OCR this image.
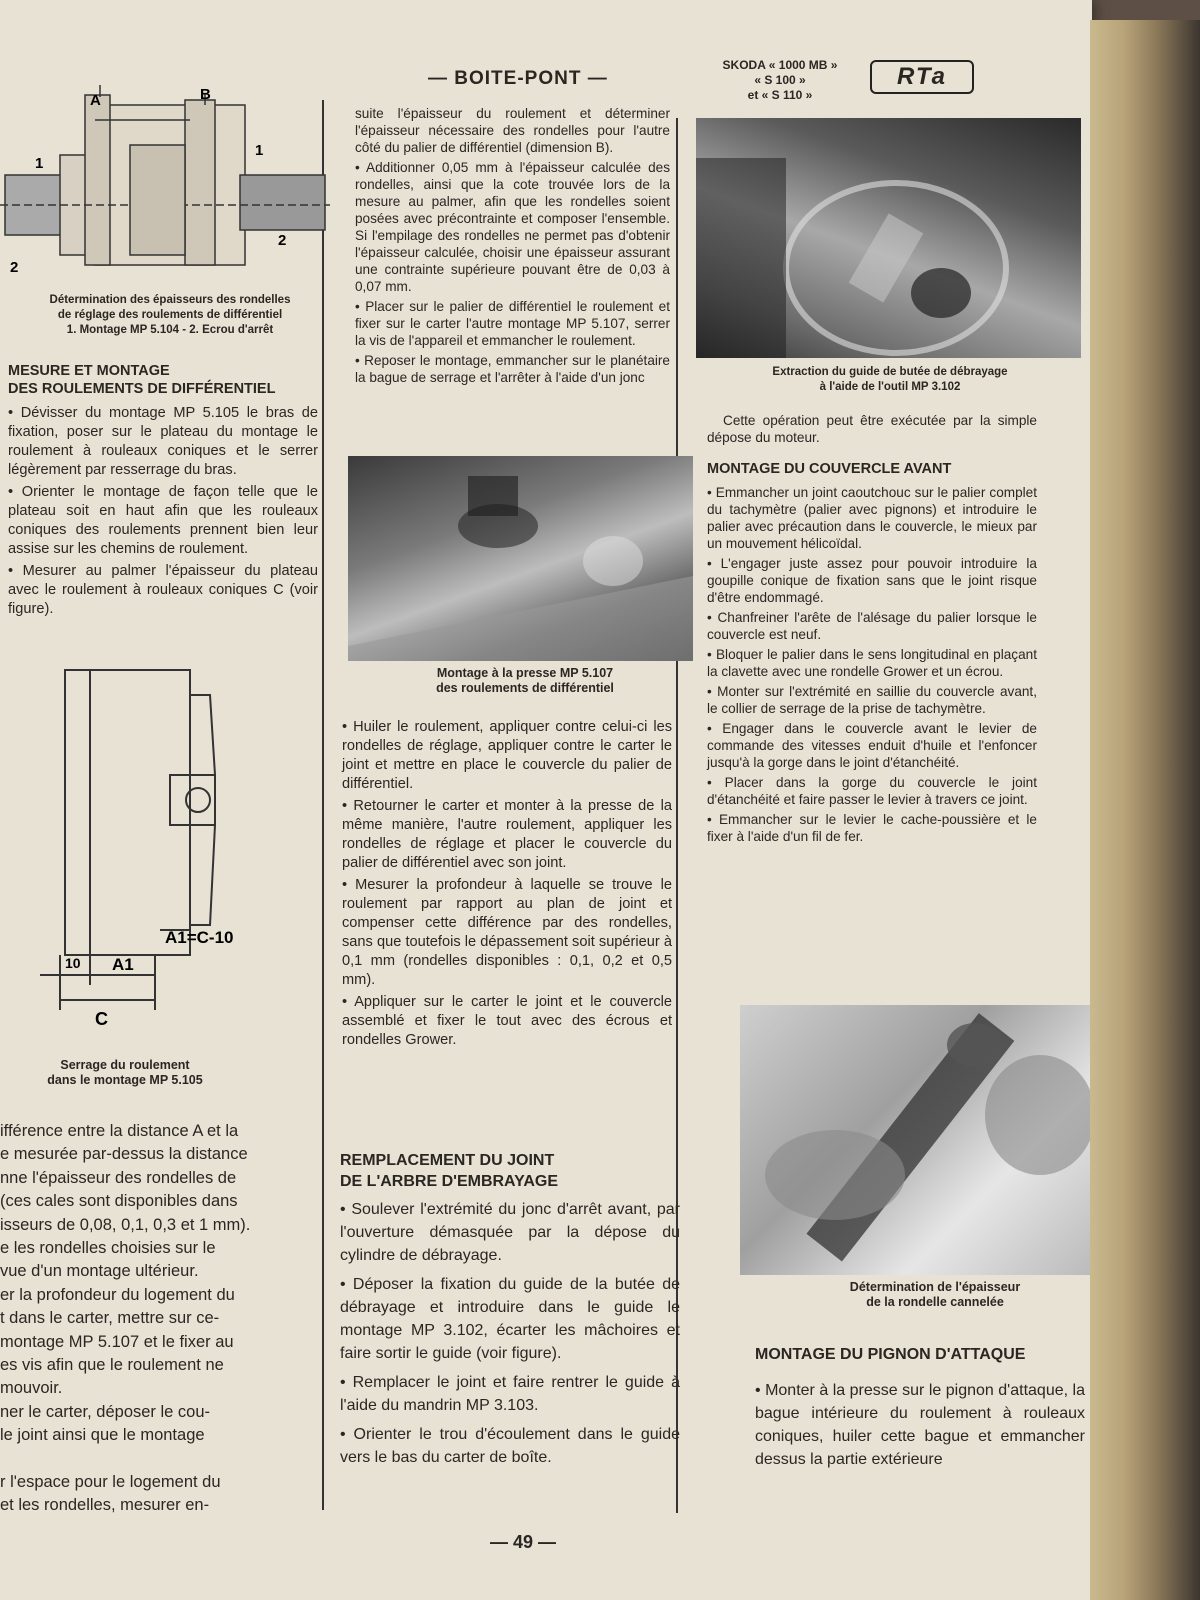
— BOITE-PONT —
SKODA « 1000 MB »
« S 100 »
et « S 110 »
RTa
A	B
1
1
2
2
Détermination des épaisseurs des rondelles
de réglage des roulements de différentiel
1. Montage MP 5.104 - 2. Ecrou d'arrêt
MESURE ET MONTAGE
DES ROULEMENTS DE DIFFÉRENTIEL

• Dévisser du montage MP 5.105 le bras de fixation, poser sur le plateau du montage le roulement à rouleaux coniques et le serrer légèrement par resserrage du bras.

• Orienter le montage de façon telle que le plateau soit en haut afin que les rouleaux coniques des roulements prennent bien leur assise sur les chemins de roulement.

• Mesurer au palmer l'épaisseur du plateau avec le roulement à rouleaux coniques C (voir figure).

A1=C-10
10 A1
C
Serrage du roulement
dans le montage MP 5.105
ifférence entre la distance A et la
e mesurée par-dessus la distance
nne l'épaisseur des rondelles de
(ces cales sont disponibles dans
isseurs de 0,08, 0,1, 0,3 et 1 mm).
e les rondelles choisies sur le
vue d'un montage ultérieur.
er la profondeur du logement du
t dans le carter, mettre sur ce-
montage MP 5.107 et le fixer au
es vis afin que le roulement ne
mouvoir.
ner le carter, déposer le cou-
le joint ainsi que le montage
r l'espace pour le logement du
et les rondelles, mesurer en-

suite l'épaisseur du roulement et déterminer l'épaisseur nécessaire des rondelles pour l'autre côté du palier de différentiel (dimension B).

• Additionner 0,05 mm à l'épaisseur calculée des rondelles, ainsi que la cote trouvée lors de la mesure au palmer, afin que les rondelles soient posées avec précontrainte et composer l'ensemble. Si l'empilage des rondelles ne permet pas d'obtenir l'épaisseur calculée, choisir une épaisseur assurant une contrainte supérieure pouvant être de 0,03 à 0,07 mm.

• Placer sur le palier de différentiel le roulement et fixer sur le carter l'autre montage MP 5.107, serrer la vis de l'appareil et emmancher le roulement.

• Reposer le montage, emmancher sur le planétaire la bague de serrage et l'arrêter à l'aide d'un jonc

Montage à la presse MP 5.107
des roulements de différentiel

• Huiler le roulement, appliquer contre celui-ci les rondelles de réglage, appliquer contre le carter le joint et mettre en place le couvercle du palier de différentiel.

• Retourner le carter et monter à la presse de la même manière, l'autre roulement, appliquer les rondelles de réglage et placer le couvercle du palier de différentiel avec son joint.

• Mesurer la profondeur à laquelle se trouve le roulement par rapport au plan de joint et compenser cette différence par des rondelles, sans que toutefois le dépassement soit supérieur à 0,1 mm (rondelles disponibles : 0,1, 0,2 et 0,5 mm).

• Appliquer sur le carter le joint et le couvercle assemblé et fixer le tout avec des écrous et rondelles Grower.

REMPLACEMENT DU JOINT
DE L'ARBRE D'EMBRAYAGE

• Soulever l'extrémité du jonc d'arrêt avant, par l'ouverture démasquée par la dépose du cylindre de débrayage.

• Déposer la fixation du guide de la butée de débrayage et introduire dans le guide le montage MP 3.102, écarter les mâchoires et faire sortir le guide (voir figure).

• Remplacer le joint et faire rentrer le guide à l'aide du mandrin MP 3.103.

• Orienter le trou d'écoulement dans le guide vers le bas du carter de boîte.

Extraction du guide de butée de débrayage
à l'aide de l'outil MP 3.102

Cette opération peut être exécutée par la simple dépose du moteur.

MONTAGE DU COUVERCLE AVANT

• Emmancher un joint caoutchouc sur le palier complet du tachymètre (palier avec pignons) et introduire le palier avec précaution dans le couvercle, le mieux par un mouvement hélicoïdal.

• L'engager juste assez pour pouvoir introduire la goupille conique de fixation sans que le joint risque d'être endommagé.

• Chanfreiner l'arête de l'alésage du palier lorsque le couvercle est neuf.

• Bloquer le palier dans le sens longitudinal en plaçant la clavette avec une rondelle Grower et un écrou.

• Monter sur l'extrémité en saillie du couvercle avant, le collier de serrage de la prise de tachymètre.

• Engager dans le couvercle avant le levier de commande des vitesses enduit d'huile et l'enfoncer jusqu'à la gorge dans le joint d'étanchéité.

• Placer dans la gorge du couvercle le joint d'étanchéité et faire passer le levier à travers ce joint.

• Emmancher sur le levier le cache-poussière et le fixer à l'aide d'un fil de fer.

Détermination de l'épaisseur
de la rondelle cannelée
MONTAGE DU PIGNON D'ATTAQUE

• Monter à la presse sur le pignon d'attaque, la bague intérieure du roulement à rouleaux coniques, huiler cette bague et emmancher dessus la partie extérieure

— 49 —
